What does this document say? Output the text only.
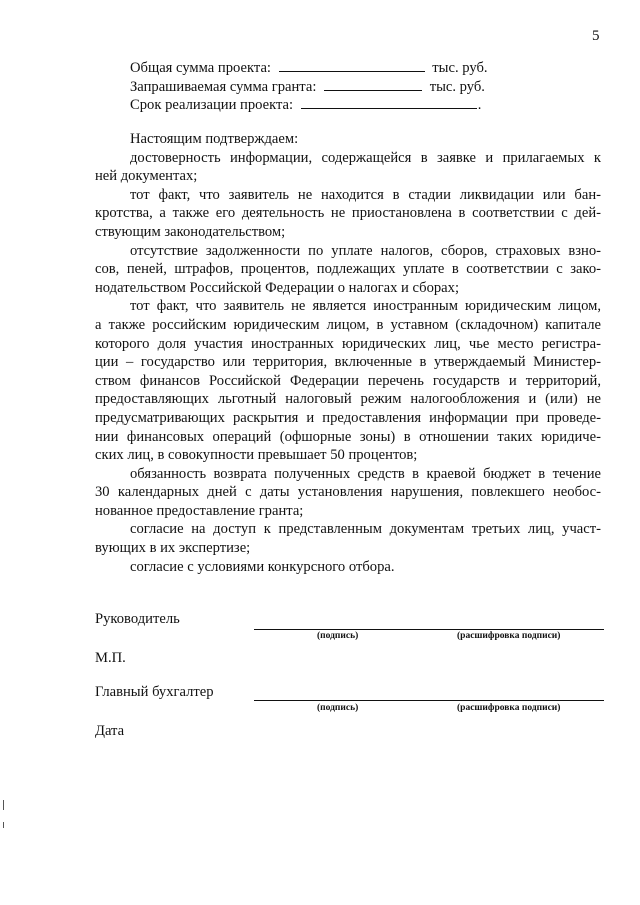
5
Общая сумма проекта:	тыс. руб.
Запрашиваемая сумма гранта:	тыс. руб.
Срок реализации проекта:	.

Настоящим подтверждаем:

достоверность информации, содержащейся в заявке и прилагаемых к

ней документах;

тот факт, что заявитель не находится в стадии ликвидации или бан-

кротства, а также его деятельность не приостановлена в соответствии с дей-

ствующим законодательством;

отсутствие задолженности по уплате налогов, сборов, страховых взно-

сов, пеней, штрафов, процентов, подлежащих уплате в соответствии с зако-

нодательством Российской Федерации о налогах и сборах;

тот факт, что заявитель не является иностранным юридическим лицом,

а также российским юридическим лицом, в уставном (складочном) капитале

которого доля участия иностранных юридических лиц, чье место регистра-

ции – государство или территория, включенные в утверждаемый Министер-

ством финансов Российской Федерации перечень государств и территорий,

предоставляющих льготный налоговый режим налогообложения и (или) не

предусматривающих раскрытия и предоставления информации при проведе-

нии финансовых операций (офшорные зоны) в отношении таких юридиче-

ских лиц, в совокупности превышает 50 процентов;

обязанность возврата полученных средств в краевой бюджет в течение

30 календарных дней с даты установления нарушения, повлекшего необос-

нованное предоставление гранта;

согласие на доступ к представленным документам третьих лиц, участ-

вующих в их экспертизе;

согласие с условиями конкурсного отбора.

Руководитель
(подпись)	(расшифровка подписи)
М.П.
Главный бухгалтер
(подпись)	(расшифровка подписи)
Дата
